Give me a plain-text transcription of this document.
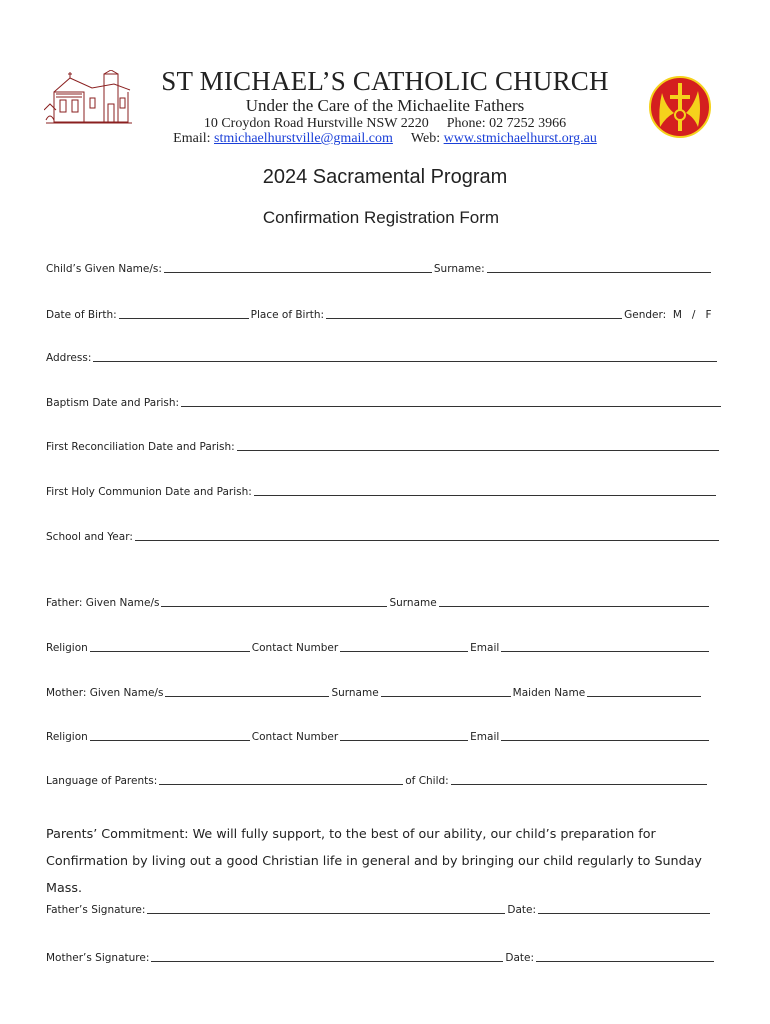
ST MICHAEL’S CATHOLIC CHURCH
Under the Care of the Michaelite Fathers
10 Croydon Road Hurstville NSW 2220 Phone: 02 7252 3966
Email: stmichaelhurstville@gmail.com Web: www.stmichaelhurst.org.au
2024 Sacramental Program
Confirmation Registration Form
Child’s Given Name/s:	Surname:
Date of Birth:	Place of Birth:	Gender:  M   /   F
Address:
Baptism Date and Parish:
First Reconciliation Date and Parish:
First Holy Communion Date and Parish:
School and Year:
Father: Given Name/s	Surname
Religion	Contact Number	Email
Mother: Given Name/s	Surname	Maiden Name
Religion	Contact Number	Email
Language of Parents:	of Child:
Parents’ Commitment: We will fully support, to the best of our ability, our child’s preparation for
Confirmation by living out a good Christian life in general and by bringing our child regularly to Sunday Mass.
Father’s Signature:	Date:
Mother’s Signature:	Date:
